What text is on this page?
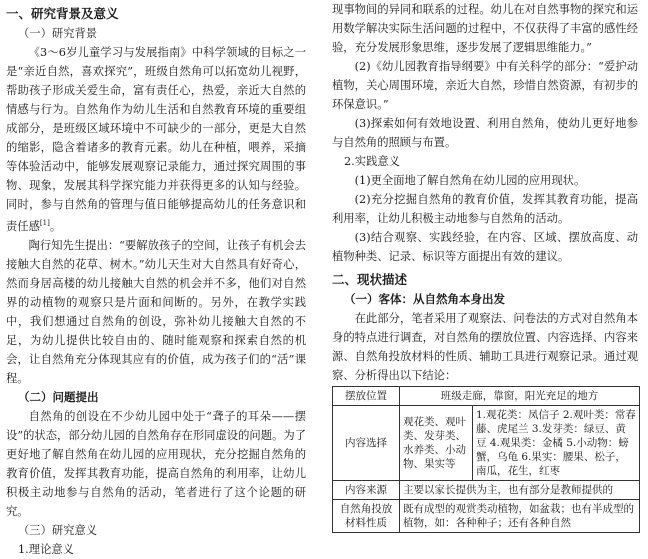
一、研究背景及意义
（一）研究背景

《3～6岁儿童学习与发展指南》中科学领域的目标之一是“亲近自然，喜欢探究”，班级自然角可以拓宽幼儿视野，帮助孩子形成关爱生命，富有责任心，热爱，亲近大自然的情感与行为。自然角作为幼儿生活和自然教育环境的重要组成部分，是班级区域环境中不可缺少的一部分，更是大自然的缩影，隐含着诸多的教育元素。幼儿在种植，喂养，采摘等体验活动中，能够发展观察记录能力，通过探究周围的事物、现象，发展其科学探究能力并获得更多的认知与经验。同时，参与自然角的管理与值日能够提高幼儿的任务意识和责任感[1]。

陶行知先生提出：“要解放孩子的空间，让孩子有机会去接触大自然的花草、树木。”幼儿天生对大自然具有好奇心，然而身居高楼的幼儿接触大自然的机会并不多，他们对自然界的动植物的观察只是片面和间断的。另外，在教学实践中，我们想通过自然角的创设，弥补幼儿接触大自然的不足，为幼儿提供比较自由的、随时能观察和探索自然的机会，让自然角充分体现其应有的价值，成为孩子们的“活”课程。

（二）问题提出

自然角的创设在不少幼儿园中处于“聋子的耳朵——摆设”的状态，部分幼儿园的自然角存在形同虚设的问题。为了更好地了解自然角在幼儿园的应用现状，充分挖掘自然角的教育价值，发挥其教育功能，提高自然角的利用率，让幼儿积极主动地参与自然角的活动，笔者进行了这个论题的研究。

（三）研究意义
1.理论意义

现事物间的异同和联系的过程。幼儿在对自然事物的探究和运用数学解决实际生活问题的过程中，不仅获得了丰富的感性经验，充分发展形象思维，逐步发展了逻辑思维能力。”

(2)《幼儿园教育指导纲要》中有关科学的部分：“爱护动植物，关心周围环境，亲近大自然，珍惜自然资源，有初步的环保意识。”

(3)探索如何有效地设置、利用自然角，使幼儿更好地参与自然角的照顾与布置。

2.实践意义

(1)更全面地了解自然角在幼儿园的应用现状。

(2)充分挖掘自然角的教育价值，发挥其教育功能，提高利用率，让幼儿积极主动地参与自然角的活动。

(3)结合观察、实践经验，在内容、区域、摆放高度、动植物种类、记录、标识等方面提出有效的建议。

二、现状描述
（一）客体：从自然角本身出发

在此部分，笔者采用了观察法、问卷法的方式对自然角本身的特点进行调查，对自然角的摆放位置、内容选择、内容来源、自然角投放材料的性质、辅助工具进行观察记录。通过观察、分析得出以下结论：

摆放位置	班级走廊，靠窗，阳光充足的地方	
内容选择	观花类、观叶类、发芽类、水养类、小动物、果实等	1.观花类：凤信子 2.观叶类：常春藤、虎尾兰 3.发芽类：绿豆、黄豆 4.观果类：金橘 5.小动物：螃蟹，乌龟 6.果实：腰果、松子，南瓜，花生，红枣
内容来源	主要以家长提供为主，也有部分是教师提供的	
自然角投放材料性质	既有成型的观赏类动植物，如盆栽；也有半成型的植物，如：各种种子；还有各种自然	
